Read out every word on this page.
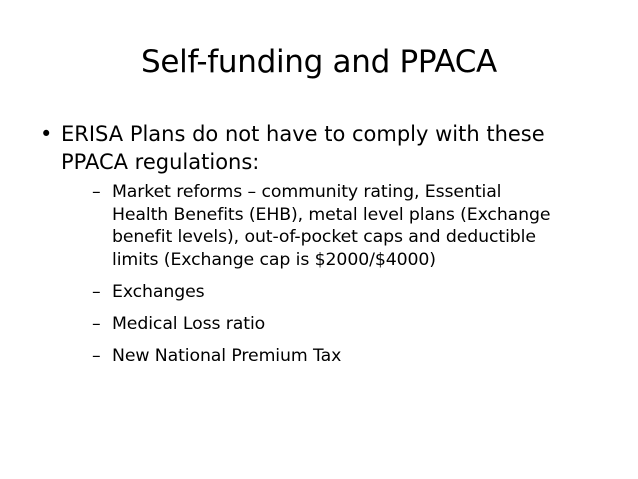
Self-funding and PPACA
• ERISA Plans do not have to comply with these
PPACA regulations:
– Market reforms – community rating, Essential
Health Benefits (EHB), metal level plans (Exchange
benefit levels), out-of-pocket caps and deductible
limits (Exchange cap is $2000/$4000)
– Exchanges
– Medical Loss ratio
– New National Premium Tax
